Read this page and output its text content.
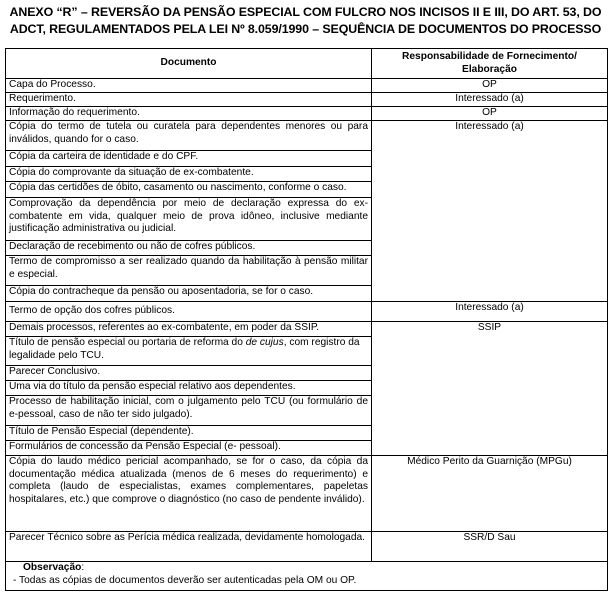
ANEXO “R” – REVERSÃO DA PENSÃO ESPECIAL COM FULCRO NOS INCISOS II E III, DO ART. 53, DO
ADCT, REGULAMENTADOS PELA LEI Nº 8.059/1990 – SEQUÊNCIA DE DOCUMENTOS DO PROCESSO
Documento	Responsabilidade de Fornecimento/
Elaboração

Capa do Processo.	OP
Requerimento.	Interessado (a)
Informação do requerimento.	OP
Cópia do termo de tutela ou curatela para dependentes menores ou para inválidos, quando for o caso.	Interessado (a)
Cópia da carteira de identidade e do CPF.	
Cópia do comprovante da situação de ex-combatente.	
Cópia das certidões de óbito, casamento ou nascimento, conforme o caso.	
Comprovação da dependência por meio de declaração expressa do ex-combatente em vida, qualquer meio de prova idôneo, inclusive mediante justificação administrativa ou judicial.	
Declaração de recebimento ou não de cofres públicos.	
Termo de compromisso a ser realizado quando da habilitação à pensão militar e especial.	
Cópia do contracheque da pensão ou aposentadoria, se for o caso.	
Termo de opção dos cofres públicos.	Interessado (a)
Demais processos, referentes ao ex-combatente, em poder da SSIP.	SSIP
Título de pensão especial ou portaria de reforma do de cujus, com registro da legalidade pelo TCU.	
Parecer Conclusivo.	
Uma via do título da pensão especial relativo aos dependentes.	
Processo de habilitação inicial, com o julgamento pelo TCU (ou formulário de e-pessoal, caso de não ter sido julgado).	
Título de Pensão Especial (dependente).	
Formulários de concessão da Pensão Especial (e- pessoal).	
Cópia do laudo médico pericial acompanhado, se for o caso, da cópia da documentação médica atualizada (menos de 6 meses do requerimento) e completa (laudo de especialistas, exames complementares, papeletas hospitalares, etc.) que comprove o diagnóstico (no caso de pendente inválido).	Médico Perito da Guarnição (MPGu)
Parecer Técnico sobre as Perícia médica realizada, devidamente homologada.	SSR/D Sau

Observação:
- Todas as cópias de documentos deverão ser autenticadas pela OM ou OP.	
